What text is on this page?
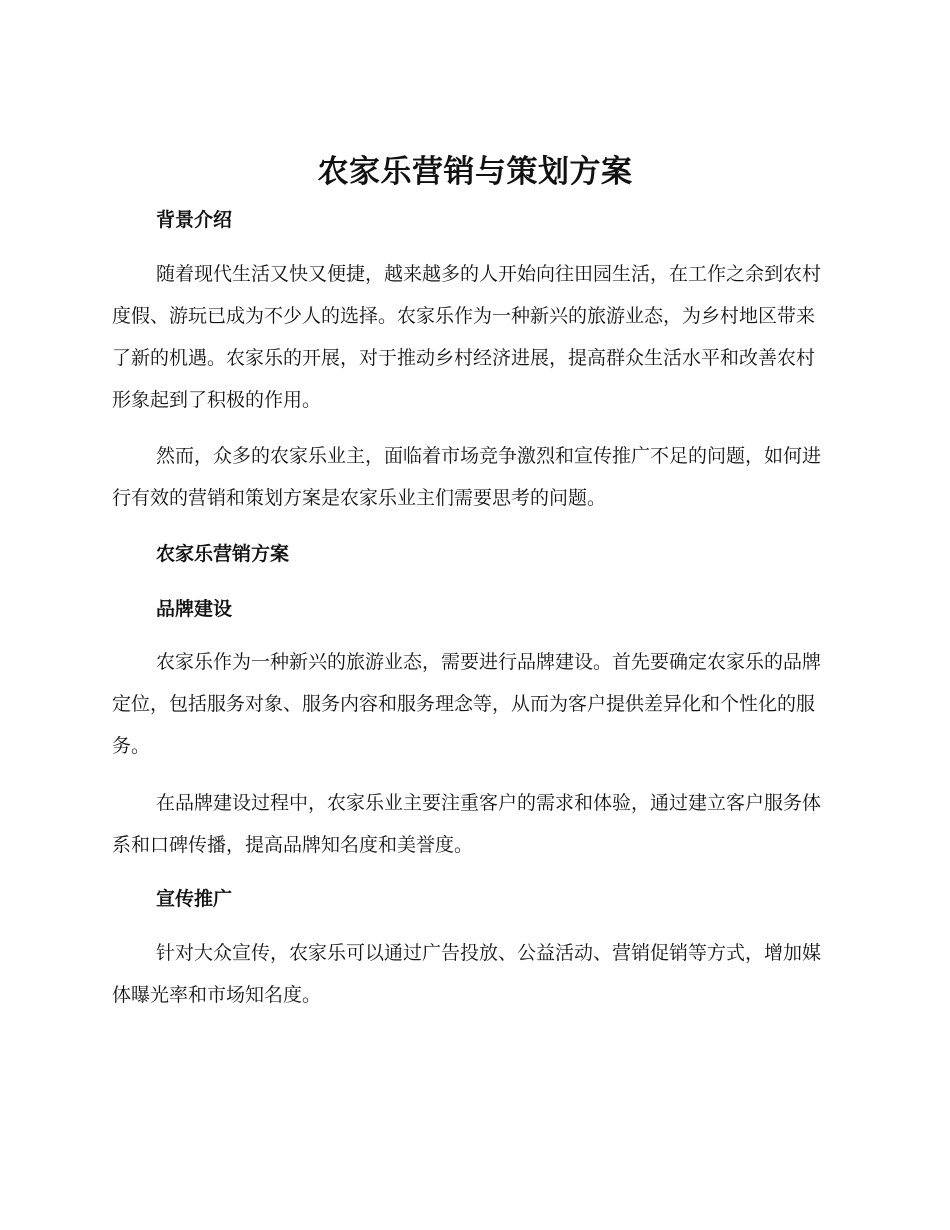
农家乐营销与策划方案
背景介绍

随着现代生活又快又便捷，越来越多的人开始向往田园生活，在工作之余到农村度假、游玩已成为不少人的选择。农家乐作为一种新兴的旅游业态，为乡村地区带来了新的机遇。农家乐的开展，对于推动乡村经济进展，提高群众生活水平和改善农村形象起到了积极的作用。

然而，众多的农家乐业主，面临着市场竞争激烈和宣传推广不足的问题，如何进行有效的营销和策划方案是农家乐业主们需要思考的问题。

农家乐营销方案
品牌建设

农家乐作为一种新兴的旅游业态，需要进行品牌建设。首先要确定农家乐的品牌定位，包括服务对象、服务内容和服务理念等，从而为客户提供差异化和个性化的服务。

在品牌建设过程中，农家乐业主要注重客户的需求和体验，通过建立客户服务体系和口碑传播，提高品牌知名度和美誉度。

宣传推广

针对大众宣传，农家乐可以通过广告投放、公益活动、营销促销等方式，增加媒体曝光率和市场知名度。
